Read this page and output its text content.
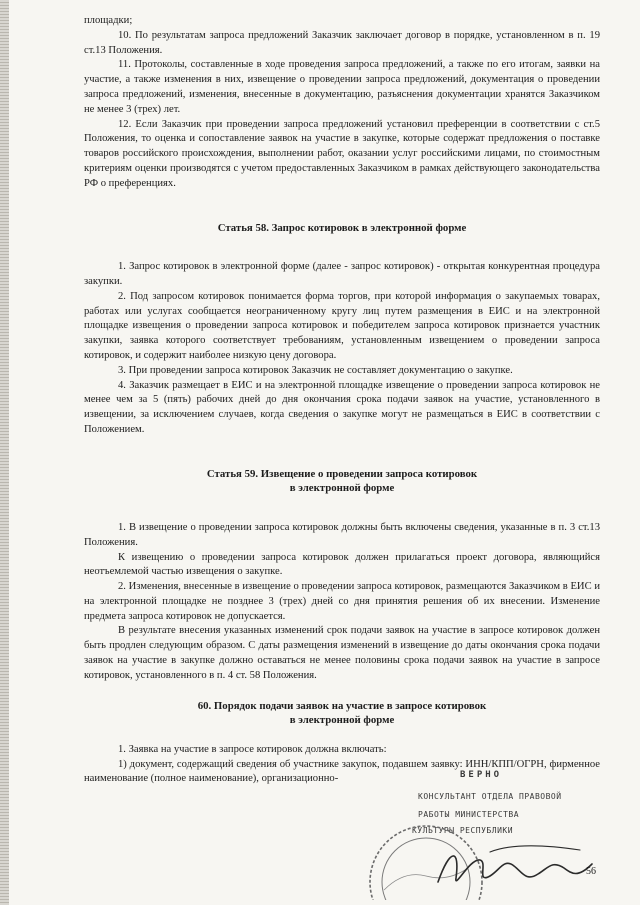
площадки;

10. По результатам запроса предложений Заказчик заключает договор в порядке, установленном в п. 19 ст.13 Положения.

11. Протоколы, составленные в ходе проведения запроса предложений, а также по его итогам, заявки на участие, а также изменения в них, извещение о проведении запроса предложений, документация о проведении запроса предложений, изменения, внесенные в документацию, разъяснения документации хранятся Заказчиком не менее 3 (трех) лет.

12. Если Заказчик при проведении запроса предложений установил преференции в соответствии с ст.5 Положения, то оценка и сопоставление заявок на участие в закупке, которые содержат предложения о поставке товаров российского происхождения, выполнении работ, оказании услуг российскими лицами, по стоимостным критериям оценки производятся с учетом предоставленных Заказчиком в рамках действующего законодательства РФ о преференциях.

Статья 58. Запрос котировок в электронной форме

1. Запрос котировок в электронной форме (далее - запрос котировок) - открытая конкурентная процедура закупки.

2. Под запросом котировок понимается форма торгов, при которой информация о закупаемых товарах, работах или услугах сообщается неограниченному кругу лиц путем размещения в ЕИС и на электронной площадке извещения о проведении запроса котировок и победителем запроса котировок признается участник закупки, заявка которого соответствует требованиям, установленным извещением о проведении запроса котировок, и содержит наиболее низкую цену договора.

3. При проведении запроса котировок Заказчик не составляет документацию о закупке.

4. Заказчик размещает в ЕИС и на электронной площадке извещение о проведении запроса котировок не менее чем за 5 (пять) рабочих дней до дня окончания срока подачи заявок на участие, установленного в извещении, за исключением случаев, когда сведения о закупке могут не размещаться в ЕИС в соответствии с Положением.

Статья 59. Извещение о проведении запроса котировок
в электронной форме

1. В извещение о проведении запроса котировок должны быть включены сведения, указанные в п. 3 ст.13 Положения.

К извещению о проведении запроса котировок должен прилагаться проект договора, являющийся неотъемлемой частью извещения о закупке.

2. Изменения, внесенные в извещение о проведении запроса котировок, размещаются Заказчиком в ЕИС и на электронной площадке не позднее 3 (трех) дней со дня принятия решения об их внесении. Изменение предмета запроса котировок не допускается.

В результате внесения указанных изменений срок подачи заявок на участие в запросе котировок должен быть продлен следующим образом. С даты размещения изменений в извещение до даты окончания срока подачи заявок на участие в закупке должно оставаться не менее половины срока подачи заявок на участие в запросе котировок, установленного в п. 4 ст. 58 Положения.

60. Порядок подачи заявок на участие в запросе котировок
в электронной форме

1. Заявка на участие в запросе котировок должна включать:

1) документ, содержащий сведения об участнике закупок, подавшем заявку: ИНН/КПП/ОГРН, фирменное наименование (полное наименование), организационно-	ВЕРНО
КОНСУЛЬТАНТ ОТДЕЛА ПРАВОВОЙ
РАБОТЫ МИНИСТЕРСТВА
КУЛЬТУРЫ РЕСПУБЛИКИ
56
